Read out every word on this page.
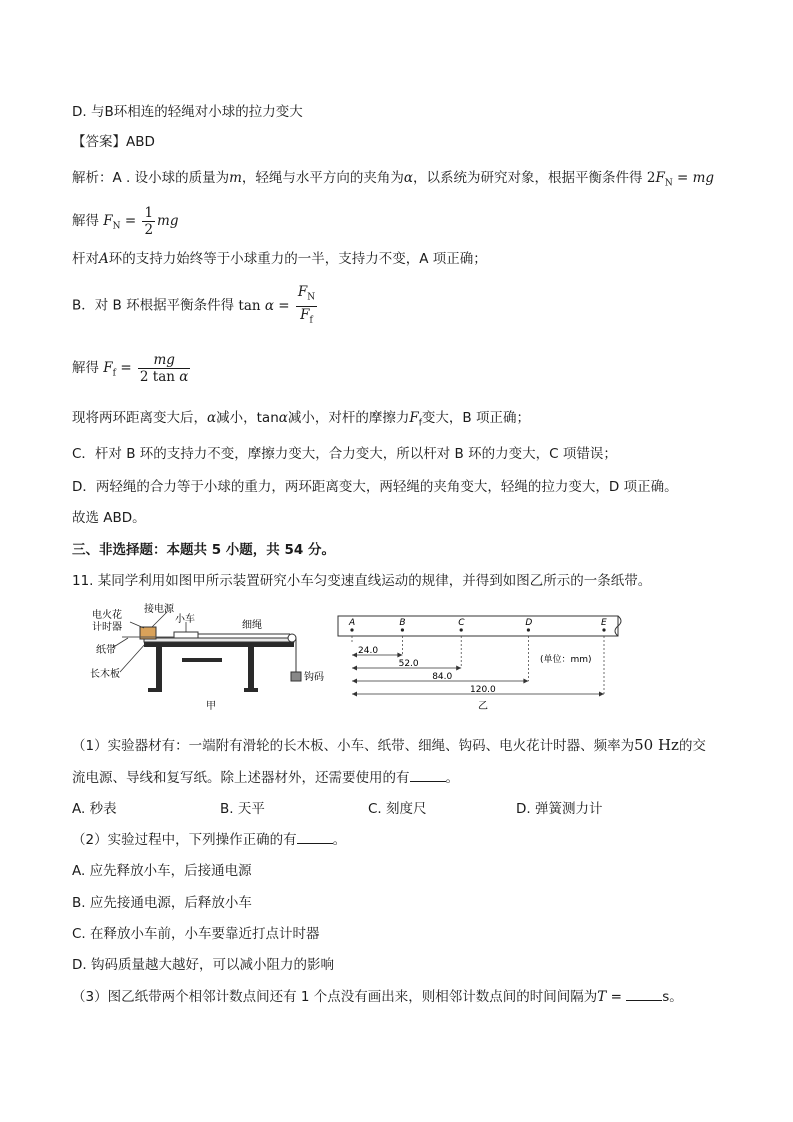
D. 与B环相连的轻绳对小球的拉力变大
【答案】ABD
解析：A . 设小球的质量为m，轻绳与水平方向的夹角为α，以系统为研究对象，根据平衡条件得 $2F_N$ = mg
解得 $F_N = \frac{1}{2}$ mg
杆对A环的支持力始终等于小球重力的一半，支持力不变，A 项正确；
B．对 B 环根据平衡条件得 $\tan \alpha = \frac{F_N}{F_f}$
解得 $F_f = \frac{mg}{\text{2 tan α}}$
现将两环距离变大后，α减小，tanα减小，对杆的摩擦力$F_f$变大，B 项正确；
C．杆对 B 环的支持力不变，摩擦力变大，合力变大，所以杆对 B 环的力变大，C 项错误；
D．两轻绳的合力等于小球的重力，两环距离变大，两轻绳的夹角变大，轻绳的拉力变大，D 项正确。
故选 ABD。
三、非选择题：本题共 5 小题，共 54 分。
11. 某同学利用如图甲所示装置研究小车匀变速直线运动的规律，并得到如图乙所示的一条纸带。
电火花
计时器
接电源
小车
细绳
纸带
长木板	钩码
甲
(单位：mm)
乙
A	B	C	D	E
24.0
52.0
84.0
120.0
（1）实验器材有：一端附有滑轮的长木板、小车、纸带、细绳、钩码、电火花计时器、频率为50 Hz的交
流电源、导线和复写纸。除上述器材外，还需要使用的有	。
A. 秒表	B. 天平	C. 刻度尺	D. 弹簧测力计
（2）实验过程中，下列操作正确的有	。
A. 应先释放小车，后接通电源
B. 应先接通电源，后释放小车
C. 在释放小车前，小车要靠近打点计时器
D. 钩码质量越大越好，可以减小阻力的影响
（3）图乙纸带两个相邻计数点间还有 1 个点没有画出来，则相邻计数点间的时间间隔为T =	s。
